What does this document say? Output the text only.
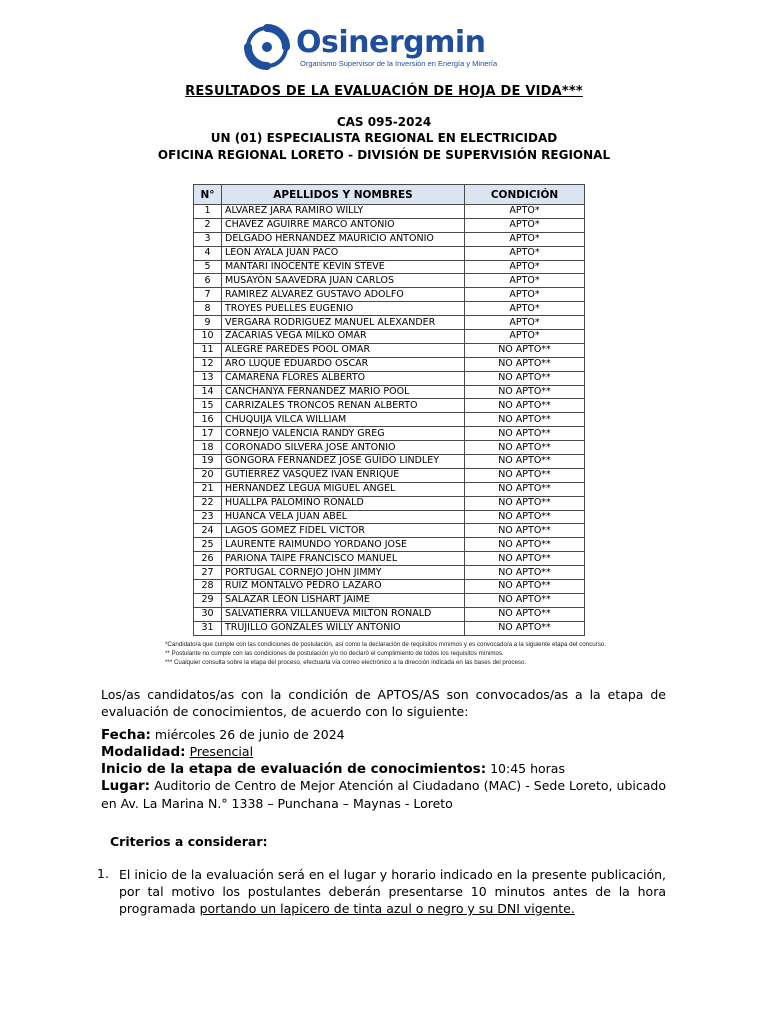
Osinergmin
Organismo Supervisor de la Inversión en Energía y Minería
RESULTADOS DE LA EVALUACIÓN DE HOJA DE VIDA***
CAS 095-2024
UN (01) ESPECIALISTA REGIONAL EN ELECTRICIDAD
OFICINA REGIONAL LORETO - DIVISIÓN DE SUPERVISIÓN REGIONAL
N°	APELLIDOS Y NOMBRES	CONDICIÓN
1	ALVAREZ JARA RAMIRO WILLY	APTO*
2	CHÁVEZ AGUIRRE MARCO ANTONIO	APTO*
3	DELGADO HERNÁNDEZ MAURICIO ANTONIO	APTO*
4	LEON AYALA JUAN PACO	APTO*
5	MANTARI INOCENTE KEVIN STEVE	APTO*
6	MUSAYÓN SAAVEDRA JUAN CARLOS	APTO*
7	RAMIREZ ALVAREZ GUSTAVO ADOLFO	APTO*
8	TROYES PUELLES EUGENIO	APTO*
9	VERGARA RODRIGUEZ MANUEL ALEXANDER	APTO*
10	ZACARIAS VEGA MILKO OMAR	APTO*
11	ALEGRE PAREDES POOL OMAR	NO APTO**
12	ARO LUQUE EDUARDO OSCAR	NO APTO**
13	CAMARENA FLORES ALBERTO	NO APTO**
14	CANCHANYA FERNANDEZ MARIO POOL	NO APTO**
15	CARRIZALES TRONCOS RENAN ALBERTO	NO APTO**
16	CHUQUIJA VILCA WILLIAM	NO APTO**
17	CORNEJO VALENCIA RANDY GREG	NO APTO**
18	CORONADO SILVERA JOSE ANTONIO	NO APTO**
19	GÓNGORA FERNÁNDEZ JOSÉ GUIDO LINDLEY	NO APTO**
20	GUTIERREZ VASQUEZ IVAN ENRIQUE	NO APTO**
21	HERNÁNDEZ LEGUA MIGUEL ANGEL	NO APTO**
22	HUALLPA PALOMINO RONALD	NO APTO**
23	HUANCA VELA JUAN ABEL	NO APTO**
24	LAGOS GOMEZ FIDEL VICTOR	NO APTO**
25	LAURENTE RAIMUNDO YORDANO JOSE	NO APTO**
26	PARIONA TAIPE FRANCISCO MANUEL	NO APTO**
27	PORTUGAL CORNEJO JOHN JIMMY	NO APTO**
28	RUIZ MONTALVO PEDRO LAZARO	NO APTO**
29	SALAZAR LEÓN LISHART JAIME	NO APTO**
30	SALVATIERRA VILLANUEVA MILTON RONALD	NO APTO**
31	TRUJILLO GONZALES WILLY ANTONIO	NO APTO**
*Candidato/a que cumple con las condiciones de postulación, así como la declaración de requisitos mínimos y es convocado/a a la siguiente etapa del concurso.
** Postulante no cumple con las condiciones de postulación y/o no declaró el cumplimiento de todos los requisitos mínimos.
*** Cualquier consulta sobre la etapa del proceso, efectuarla vía correo electrónico a la dirección indicada en las bases del proceso.
Los/as candidatos/as con la condición de APTOS/AS son convocados/as a la etapa de evaluación de conocimientos, de acuerdo con lo siguiente:
Fecha: miércoles 26 de junio de 2024
Modalidad: Presencial
Inicio de la etapa de evaluación de conocimientos: 10:45 horas
Lugar: Auditorio de Centro de Mejor Atención al Ciudadano (MAC) - Sede Loreto, ubicado en Av. La Marina N.° 1338 – Punchana – Maynas - Loreto
Criterios a considerar:
1. El inicio de la evaluación será en el lugar y horario indicado en la presente publicación, por tal motivo los postulantes deberán presentarse 10 minutos antes de la hora programada portando un lapicero de tinta azul o negro y su DNI vigente.
